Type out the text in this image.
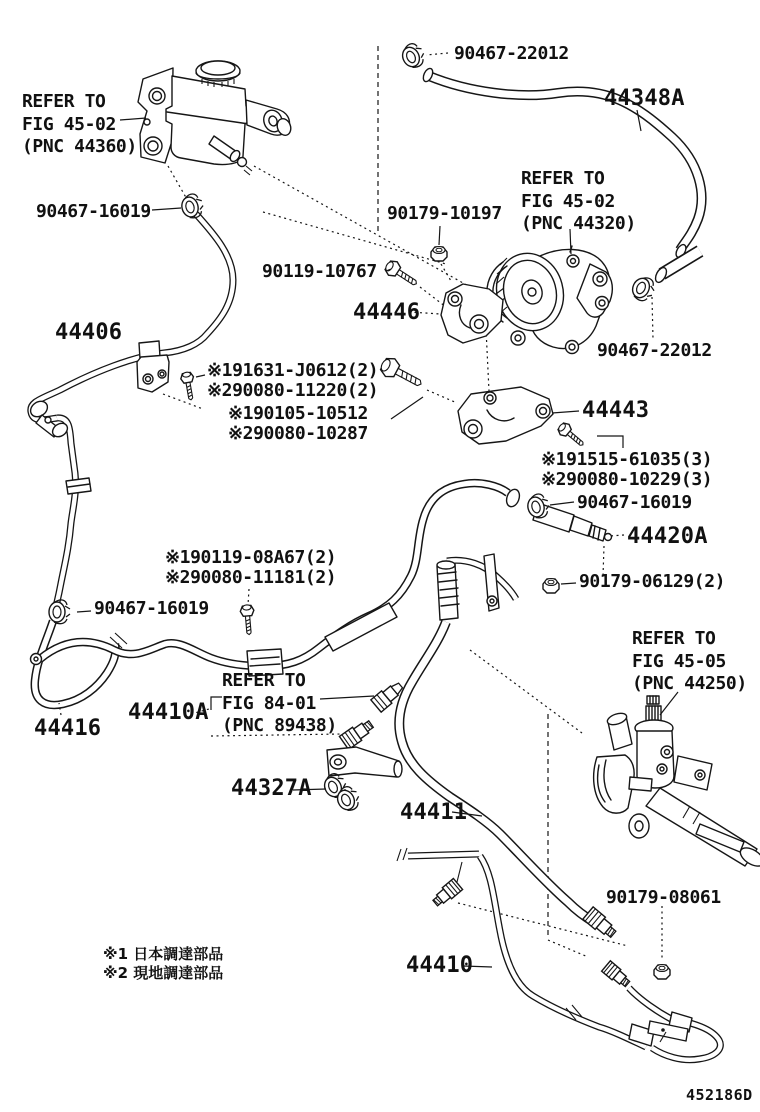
REFER TO
FIG 45-02
(PNC 44360)
90467-22012
44348A
90467-16019
REFER TO
FIG 45-02
(PNC 44320)
90179-10197
90119-10767
44446
44406
90467-22012
※191631-J0612(2)
※290080-11220(2)
※190105-10512
※290080-10287
44443
※191515-61035(3)
※290080-10229(3)
90467-16019
44420A
※190119-08A67(2)
※290080-11181(2)	90179-06129(2)
90467-16019
REFER TO
FIG 45-05
(PNC 44250)
REFER TO
FIG 84-01
(PNC 89438)
44410A
44416
44327A
44411
90179-08061
44410
※1 日本調達部品
※2 現地調達部品
452186D
